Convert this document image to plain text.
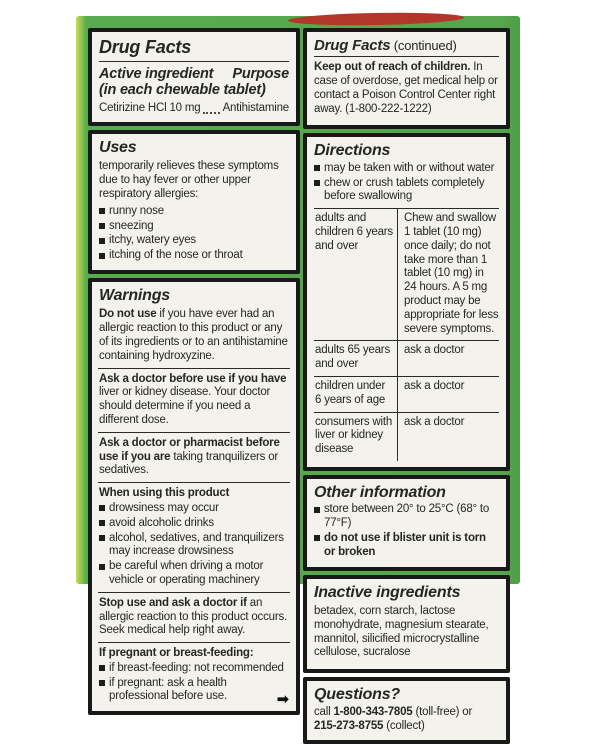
Drug Facts
Active ingredient Purpose
(in each chewable tablet)
Cetirizine HCl 10 mg Antihistamine
Uses
temporarily relieves these symptoms due to hay fever or other upper respiratory allergies:
runny nose
sneezing
itchy, watery eyes
itching of the nose or throat
Warnings
Do not use if you have ever had an allergic reaction to this product or any of its ingredients or to an antihistamine containing hydroxyzine.
Ask a doctor before use if you have liver or kidney disease. Your doctor should determine if you need a different dose.
Ask a doctor or pharmacist before use if you are taking tranquilizers or sedatives.
When using this product
drowsiness may occur
avoid alcoholic drinks
alcohol, sedatives, and tranquilizers may increase drowsiness
be careful when driving a motor vehicle or operating machinery
Stop use and ask a doctor if an allergic reaction to this product occurs. Seek medical help right away.
If pregnant or breast-feeding:
if breast-feeding: not recommended
if pregnant: ask a health professional before use.	➡
Drug Facts (continued)
Keep out of reach of children. In case of overdose, get medical help or contact a Poison Control Center right away. (1-800-222-1222)
Directions
may be taken with or without water
chew or crush tablets completely before swallowing
adults and children 6 years and over
Chew and swallow 1 tablet (10 mg) once daily; do not take more than 1 tablet (10 mg) in 24 hours. A 5 mg product may be appropriate for less severe symptoms.
adults 65 years and over
ask a doctor
children under 6 years of age
ask a doctor
consumers with liver or kidney disease
ask a doctor
Other information
store between 20° to 25°C (68° to 77°F)
do not use if blister unit is torn or broken
Inactive ingredients
betadex, corn starch, lactose monohydrate, magnesium stearate, mannitol, silicified microcrystalline cellulose, sucralose
Questions?
call 1-800-343-7805 (toll-free) or
215-273-8755 (collect)
